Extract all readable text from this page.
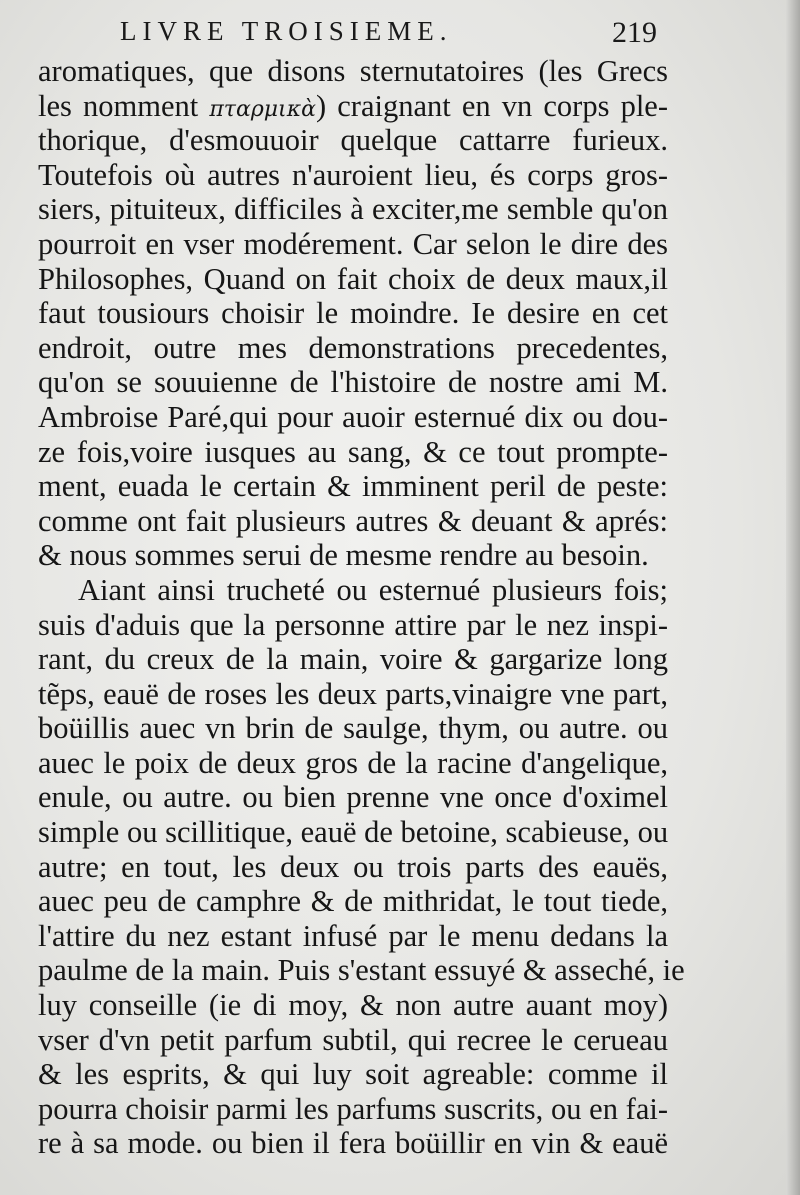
LIVRE TROISIEME.	219
aromatiques, que disons sternutatoires (les Grecs
les nomment πταρμικὰ) craignant en vn corps ple-
thorique, d'esmouuoir quelque cattarre furieux.
Toutefois où autres n'auroient lieu, és corps gros-
siers, pituiteux, difficiles à exciter,me semble qu'on
pourroit en vser modérement. Car selon le dire des
Philosophes, Quand on fait choix de deux maux,il
faut tousiours choisir le moindre. Ie desire en cet
endroit, outre mes demonstrations precedentes,
qu'on se souuienne de l'histoire de nostre ami M.
Ambroise Paré,qui pour auoir esternué dix ou dou-
ze fois,voire iusques au sang, & ce tout prompte-
ment, euada le certain & imminent peril de peste:
comme ont fait plusieurs autres & deuant & aprés:
& nous sommes serui de mesme rendre au besoin.
Aiant ainsi truchеté ou esternué plusieurs fois;
suis d'aduis que la personne attire par le nez inspi-
rant, du creux de la main, voire & gargarize long
tẽps, eauë de roses les deux parts,vinaigre vne part,
boüillis auec vn brin de saulge, thym, ou autre. ou
auec le poix de deux gros de la racine d'angelique,
enule, ou autre. ou bien prenne vne once d'oximel
simple ou scillitique, eauë de betoine, scabieuse, ou
autre; en tout, les deux ou trois parts des eauës,
auec peu de camphre & de mithridat, le tout tiede,
l'attire du nez estant infusé par le menu dedans la
paulme de la main. Puis s'estant essuyé & asseché, ie
luy conseille (ie di moy, & non autre auant moy)
vser d'vn petit parfum subtil, qui recree le cerueau
& les esprits, & qui luy soit agreable: comme il
pourra choisir parmi les parfums suscrits, ou en fai-
re à sa mode. ou bien il fera boüillir en vin & eauë
